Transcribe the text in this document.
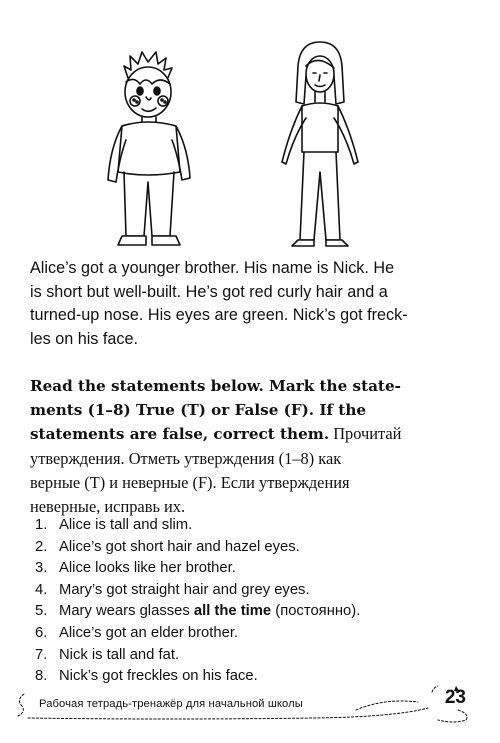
Alice’s got a younger brother. His name is Nick. He
is short but well-built. He’s got red curly hair and a
turned-up nose. His eyes are green. Nick’s got freck-
les on his face.
Read the statements below. Mark the state-
ments (1–8) True (T) or False (F). If the
statements are false, correct them. Прочитай
утверждения. Отметь утверждения (1–8) как
верные (T) и неверные (F). Если утверждения
неверные, исправь их.
1. Alice is tall and slim.
2. Alice’s got short hair and hazel eyes.
3. Alice looks like her brother.
4. Mary’s got straight hair and grey eyes.
5. Mary wears glasses all the time (постоянно).
6. Alice’s got an elder brother.
7. Nick is tall and fat.
8. Nick’s got freckles on his face.
Рабочая тетрадь-тренажёр для начальной школы	23
